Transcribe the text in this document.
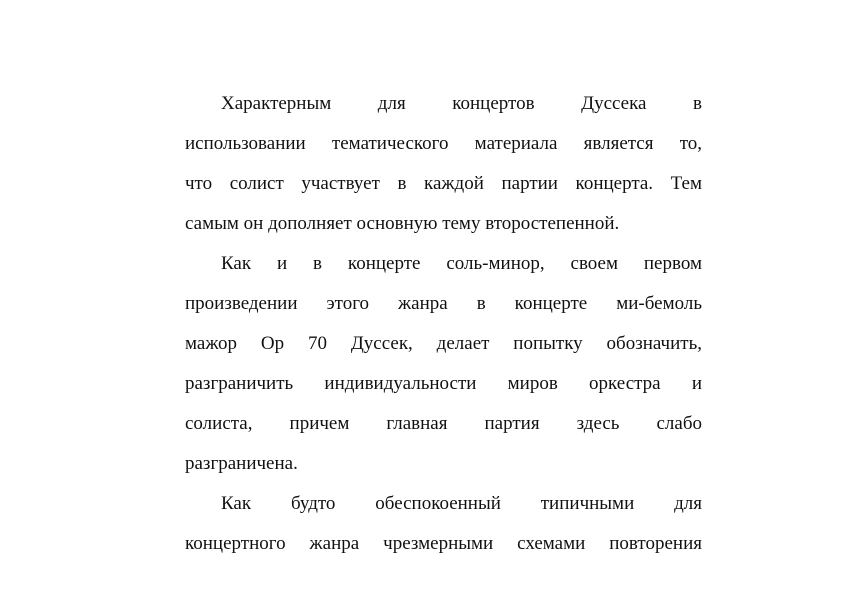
Характерным для концертов Дуссека в
использовании тематического материала является то,
что солист участвует в каждой партии концерта. Тем
самым он дополняет основную тему второстепенной.
Как и в концерте соль-минор, своем первом
произведении этого жанра в концерте ми-бемоль
мажор Ор 70 Дуссек, делает попытку обозначить,
разграничить индивидуальности миров оркестра и
солиста, причем главная партия здесь слабо
разграничена.
Как будто обеспокоенный типичными для
концертного жанра чрезмерными схемами повторения
